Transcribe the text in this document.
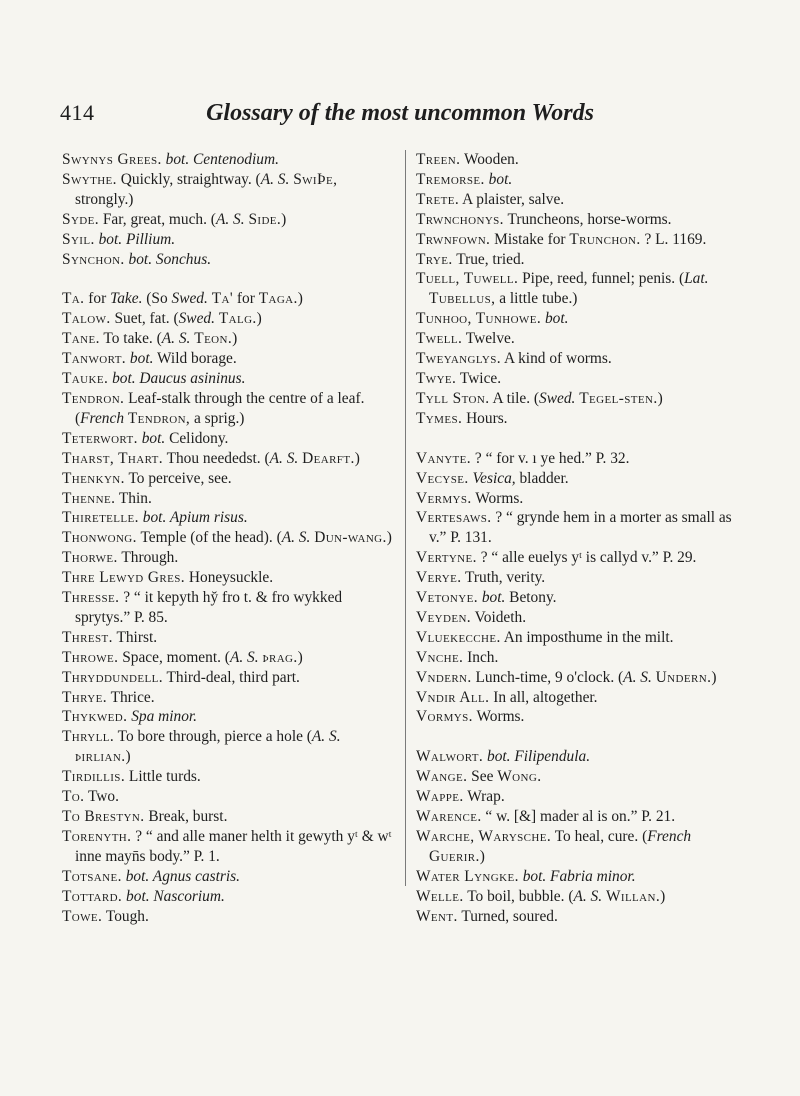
414	Glossary of the most uncommon Words
Swynys Grees. bot. Centenodium.
Swythe. Quickly, straightway. (A. S. SwiÞe, strongly.)
Syde. Far, great, much. (A. S. Side.)
Syil. bot. Pillium.
Synchon. bot. Sonchus.
Ta. for Take. (So Swed. Ta' for Taga.)
Talow. Suet, fat. (Swed. Talg.)
Tane. To take. (A. S. Teon.)
Tanwort. bot. Wild borage.
Tauke. bot. Daucus asininus.
Tendron. Leaf-stalk through the centre of a leaf. (French Tendron, a sprig.)
Teterwort. bot. Celidony.
Tharst, Thart. Thou neededst. (A. S. Dearft.)
Thenkyn. To perceive, see.
Thenne. Thin.
Thiretelle. bot. Apium risus.
Thonwong. Temple (of the head). (A. S. Dun-wang.)
Thorwe. Through.
Thre Lewyd Gres. Honeysuckle.
Thresse. ? “ it kepyth hy̆ fro t. & fro wykked sprytys.” P. 85.
Threst. Thirst.
Throwe. Space, moment. (A. S. þrag.)
Thryddundell. Third-deal, third part.
Thrye. Thrice.
Thykwed. Spa minor.
Thryll. To bore through, pierce a hole (A. S. þirlian.)
Tirdillis. Little turds.
To. Two.
To Brestyn. Break, burst.
Torenyth. ? “ and alle maner helth it gewyth yᵗ & wᵗ inne mayn̄s body.” P. 1.
Totsane. bot. Agnus castris.
Tottard. bot. Nascorium.
Towe. Tough.
Treen. Wooden.
Tremorse. bot.
Trete. A plaister, salve.
Trwnchonys. Truncheons, horse-worms.
Trwnfown. Mistake for Trunchon. ? L. 1169.
Trye. True, tried.
Tuell, Tuwell. Pipe, reed, funnel; penis. (Lat. Tubellus, a little tube.)
Tunhoo, Tunhowe. bot.
Twell. Twelve.
Tweyanglys. A kind of worms.
Twye. Twice.
Tyll Ston. A tile. (Swed. Tegel-sten.)
Tymes. Hours.
Vanyte. ? “ for v. ı ye hed.” P. 32.
Vecyse. Vesica, bladder.
Vermys. Worms.
Vertesaws. ? “ grynde hem in a morter as small as v.” P. 131.
Vertyne. ? “ alle euelys yᵗ is callyd v.” P. 29.
Verye. Truth, verity.
Vetonye. bot. Betony.
Veyden. Voideth.
Vluekecche. An imposthume in the milt.
Vnche. Inch.
Vndern. Lunch-time, 9 o'clock. (A. S. Undern.)
Vndir All. In all, altogether.
Vormys. Worms.
Walwort. bot. Filipendula.
Wange. See Wong.
Wappe. Wrap.
Warence. “ w. [&] mader al is on.” P. 21.
Warche, Warysche. To heal, cure. (French Guerir.)
Water Lyngke. bot. Fabria minor.
Welle. To boil, bubble. (A. S. Willan.)
Went. Turned, soured.
